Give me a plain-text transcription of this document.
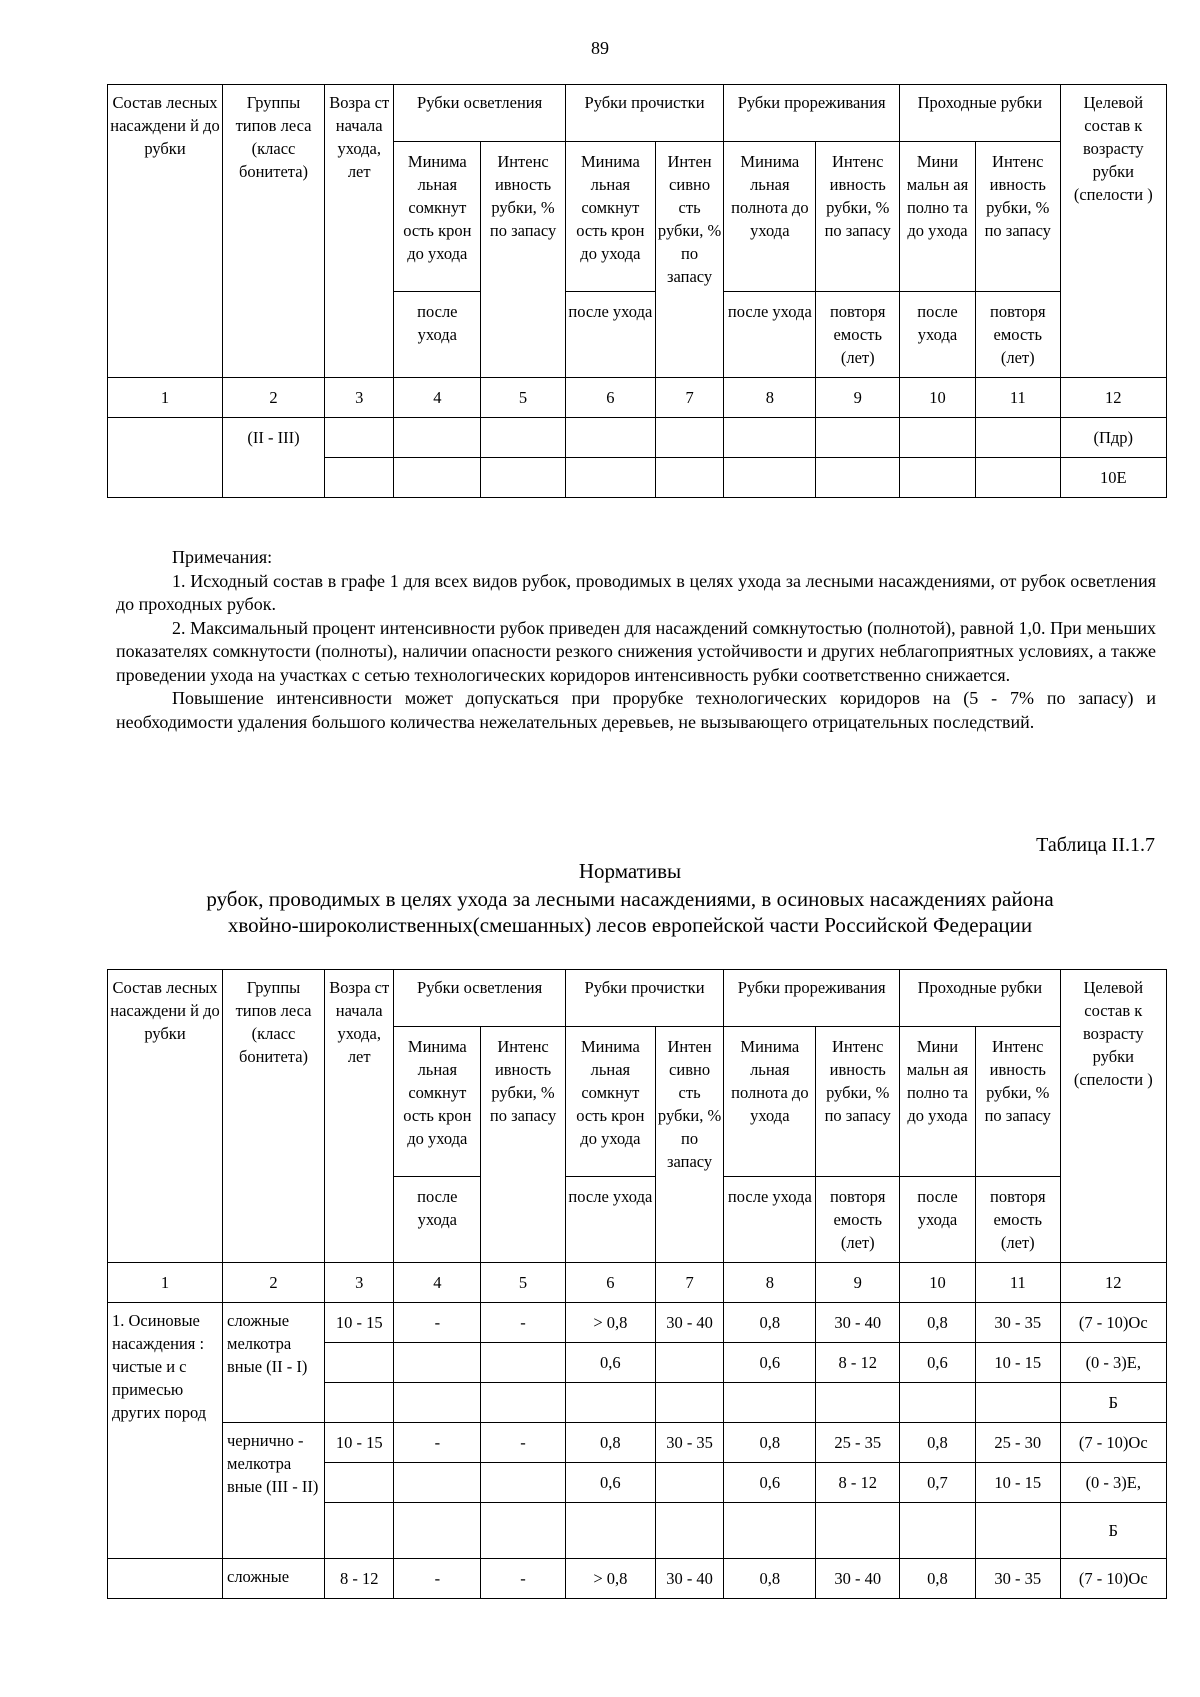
89
Состав лесных насаждени й до рубки	Группы типов леса (класс бонитета)	Возра ст начала ухода, лет	Рубки осветления		Рубки прочистки		Рубки прореживания		Проходные рубки		Целевой состав к возрасту рубки (спелости )
			Минима льная сомкнут ость крон до ухода	Интенс ивность рубки, % по запасу	Минима льная сомкнут ость крон до ухода	Интен сивно сть рубки, % по запасу	Минима льная полнота до ухода	Интенс ивность рубки, % по запасу	Мини мальн ая полно та до ухода	Интенс ивность рубки, % по запасу	
			после ухода		после ухода		после ухода	повторя емость (лет)	после ухода	повторя емость (лет)	
1	2	3	4	5	6	7	8	9	10	11	12
	(II - III)										(Пдр)
											10Е

Примечания:

1. Исходный состав в графе 1 для всех видов рубок, проводимых в целях ухода за лесными насаждениями, от рубок осветления до проходных рубок.

2. Максимальный процент интенсивности рубок приведен для насаждений сомкнутостью (полнотой), равной 1,0. При меньших показателях сомкнутости (полноты), наличии опасности резкого снижения устойчивости и других неблагоприятных условиях, а также проведении ухода на участках с сетью технологических коридоров интенсивность рубки соответственно снижается.

Повышение интенсивности может допускаться при прорубке технологических коридоров на (5 - 7% по запасу) и необходимости удаления большого количества нежелательных деревьев, не вызывающего отрицательных последствий.

Таблица II.1.7
Нормативы
рубок, проводимых в целях ухода за лесными насаждениями, в осиновых насаждениях района
хвойно-широколиственных(смешанных) лесов европейской части Российской Федерации
Состав лесных насаждени й до рубки	Группы типов леса (класс бонитета)	Возра ст начала ухода, лет	Рубки осветления		Рубки прочистки		Рубки прореживания		Проходные рубки		Целевой состав к возрасту рубки (спелости )
			Минима льная сомкнут ость крон до ухода	Интенс ивность рубки, % по запасу	Минима льная сомкнут ость крон до ухода	Интен сивно сть рубки, % по запасу	Минима льная полнота до ухода	Интенс ивность рубки, % по запасу	Мини мальн ая полно та до ухода	Интенс ивность рубки, % по запасу	
			после ухода		после ухода		после ухода	повторя емость (лет)	после ухода	повторя емость (лет)	
1	2	3	4	5	6	7	8	9	10	11	12
1. Осиновые насаждения : чистые и с примесью других пород	сложные мелкотра вные (II - I)	10 - 15	-	-	> 0,8	30 - 40	0,8	30 - 40	0,8	30 - 35	(7 - 10)Ос
					0,6		0,6	8 - 12	0,6	10 - 15	(0 - 3)Е,
											Б
	чернично - мелкотра вные (III - II)	10 - 15	-	-	0,8	30 - 35	0,8	25 - 35	0,8	25 - 30	(7 - 10)Ос
					0,6		0,6	8 - 12	0,7	10 - 15	(0 - 3)Е,
											Б
	сложные	8 - 12	-	-	> 0,8	30 - 40	0,8	30 - 40	0,8	30 - 35	(7 - 10)Ос
